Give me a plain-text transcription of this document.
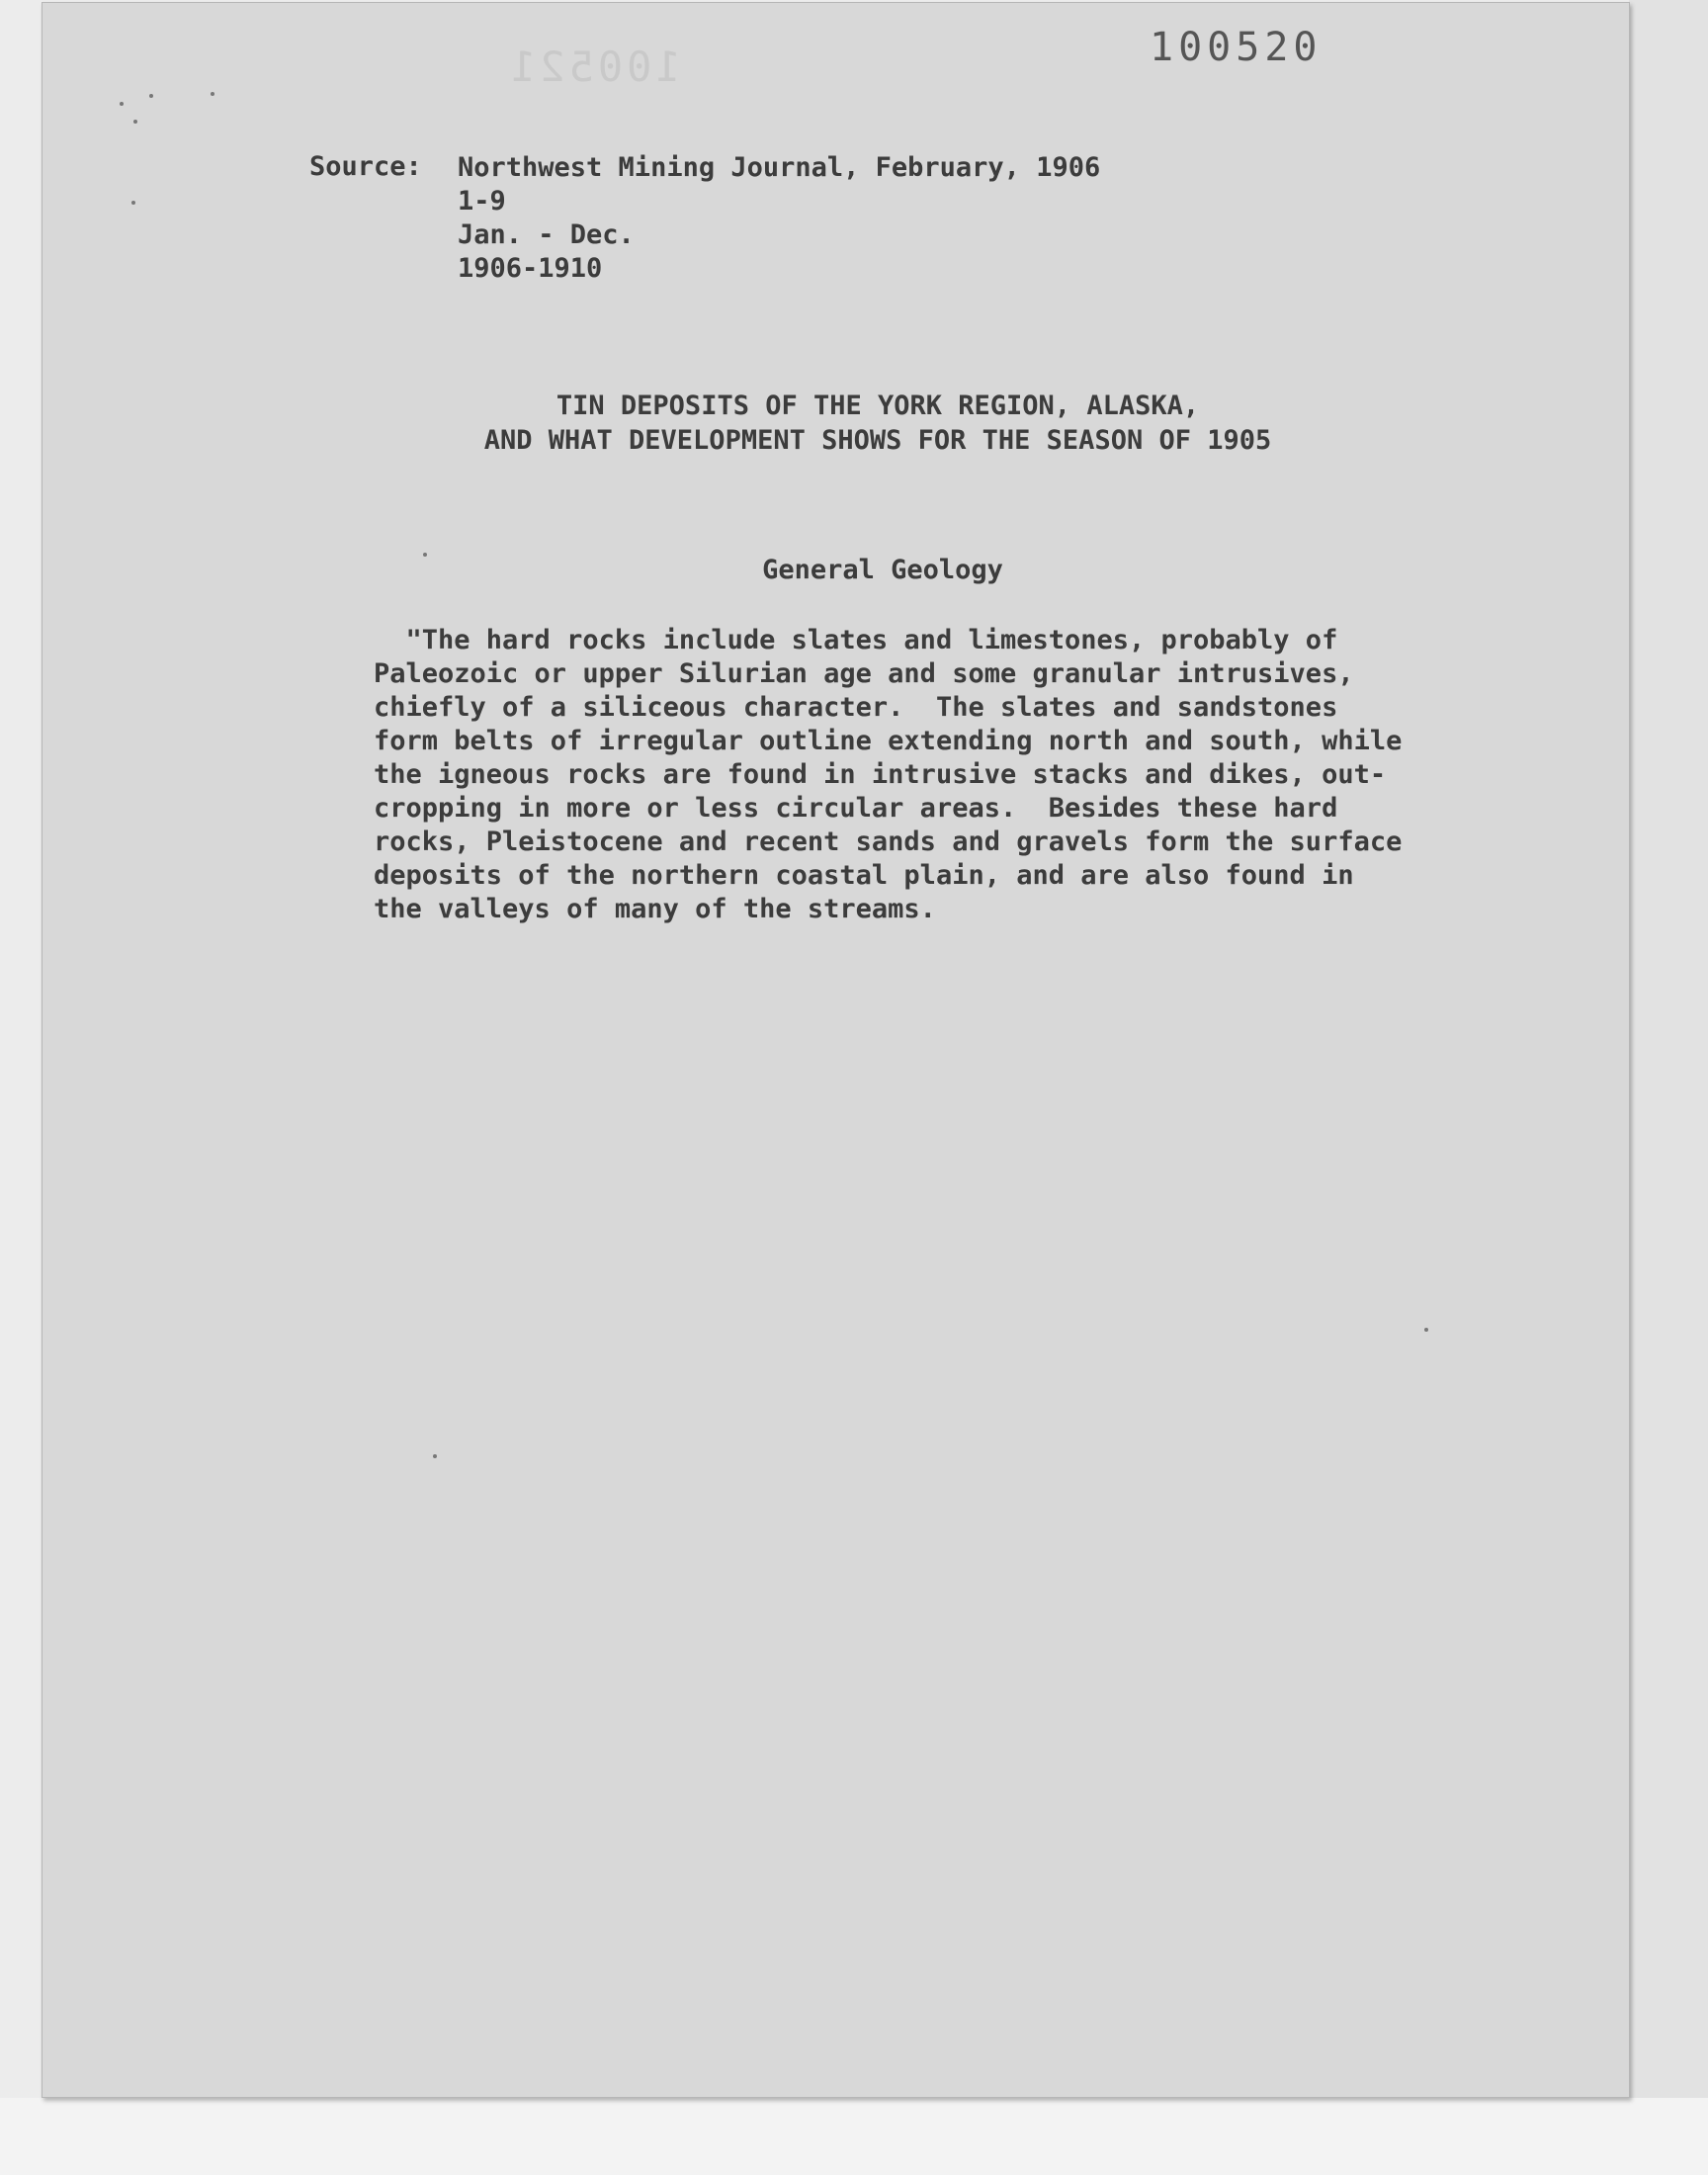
100521	100520
Source: Northwest Mining Journal, February, 1906
1-9
Jan. - Dec.
1906-1910
TIN DEPOSITS OF THE YORK REGION, ALASKA,
AND WHAT DEVELOPMENT SHOWS FOR THE SEASON OF 1905
General Geology
"The hard rocks include slates and limestones, probably of
Paleozoic or upper Silurian age and some granular intrusives,
chiefly of a siliceous character.  The slates and sandstones
form belts of irregular outline extending north and south, while
the igneous rocks are found in intrusive stacks and dikes, out-
cropping in more or less circular areas.  Besides these hard
rocks, Pleistocene and recent sands and gravels form the surface
deposits of the northern coastal plain, and are also found in
the valleys of many of the streams.
